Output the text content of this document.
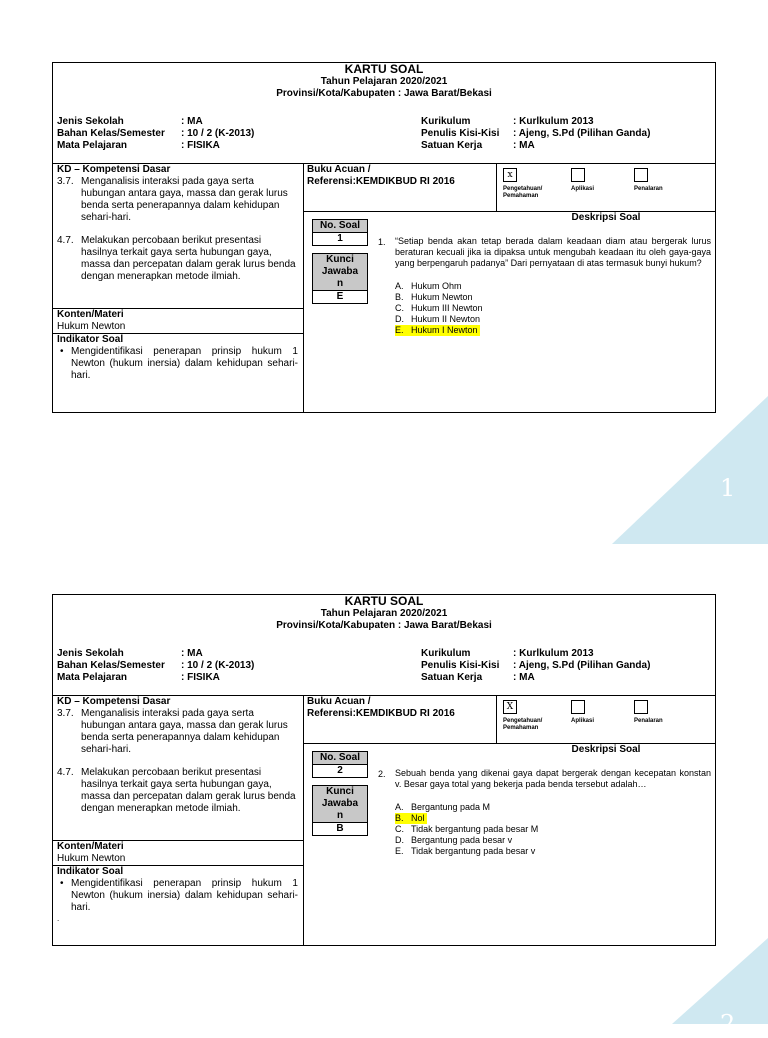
1
2
KARTU SOAL
Tahun Pelajaran 2020/2021
Provinsi/Kota/Kabupaten : Jawa Barat/Bekasi
Jenis Sekolah	: MA	Kurikulum	: Kurlkulum 2013
Bahan Kelas/Semester : 10 / 2 (K-2013)	Penulis Kisi-Kisi : Ajeng, S.Pd (Pilihan Ganda)
Mata Pelajaran	: FISIKA	Satuan Kerja	: MA
KD – Kompetensi Dasar
3.7. Menganalisis interaksi pada gaya serta hubungan antara gaya, massa dan gerak lurus benda serta penerapannya dalam kehidupan sehari-hari.
4.7. Melakukan percobaan berikut presentasi hasilnya terkait gaya serta hubungan gaya, massa dan percepatan dalam gerak lurus benda dengan menerapkan metode ilmiah.
Konten/Materi
Hukum Newton
Indikator Soal
• Mengidentifikasi penerapan prinsip hukum 1 Newton (hukum inersia) dalam kehidupan sehari-hari.
Buku Acuan /
Referensi:KEMDIKBUD RI 2016
x
Pengetahuan/
Pemahaman
Aplikasi	Penalaran
Deskripsi Soal
No. Soal
1
Kunci
Jawaba
n
E
1. “Setiap benda akan tetap berada dalam keadaan diam atau bergerak lurus beraturan kecuali jika ia dipaksa untuk mengubah keadaan itu oleh gaya-gaya yang berpengaruh padanya” Dari pernyataan di atas termasuk bunyi hukum?
A. Hukum Ohm
B. Hukum Newton
C. Hukum III Newton
D. Hukum II Newton
E. Hukum I Newton
KARTU SOAL
Tahun Pelajaran 2020/2021
Provinsi/Kota/Kabupaten : Jawa Barat/Bekasi
Jenis Sekolah	: MA	Kurikulum	: Kurlkulum 2013
Bahan Kelas/Semester : 10 / 2 (K-2013)	Penulis Kisi-Kisi : Ajeng, S.Pd (Pilihan Ganda)
Mata Pelajaran	: FISIKA	Satuan Kerja	: MA
KD – Kompetensi Dasar
3.7. Menganalisis interaksi pada gaya serta hubungan antara gaya, massa dan gerak lurus benda serta penerapannya dalam kehidupan sehari-hari.
4.7. Melakukan percobaan berikut presentasi hasilnya terkait gaya serta hubungan gaya, massa dan percepatan dalam gerak lurus benda dengan menerapkan metode ilmiah.
Konten/Materi
Hukum Newton
Indikator Soal
• Mengidentifikasi penerapan prinsip hukum 1 Newton (hukum inersia) dalam kehidupan sehari-hari.
.
Buku Acuan /
Referensi:KEMDIKBUD RI 2016
X
Pengetahuan/
Pemahaman
Aplikasi	Penalaran
Deskripsi Soal
No. Soal
2
Kunci
Jawaba
n
B
2. Sebuah benda yang dikenai gaya dapat bergerak dengan kecepatan konstan v. Besar gaya total yang bekerja pada benda tersebut adalah…
A. Bergantung pada M
B. Nol
C. Tidak bergantung pada besar M
D. Bergantung pada besar v
E. Tidak bergantung pada besar v
